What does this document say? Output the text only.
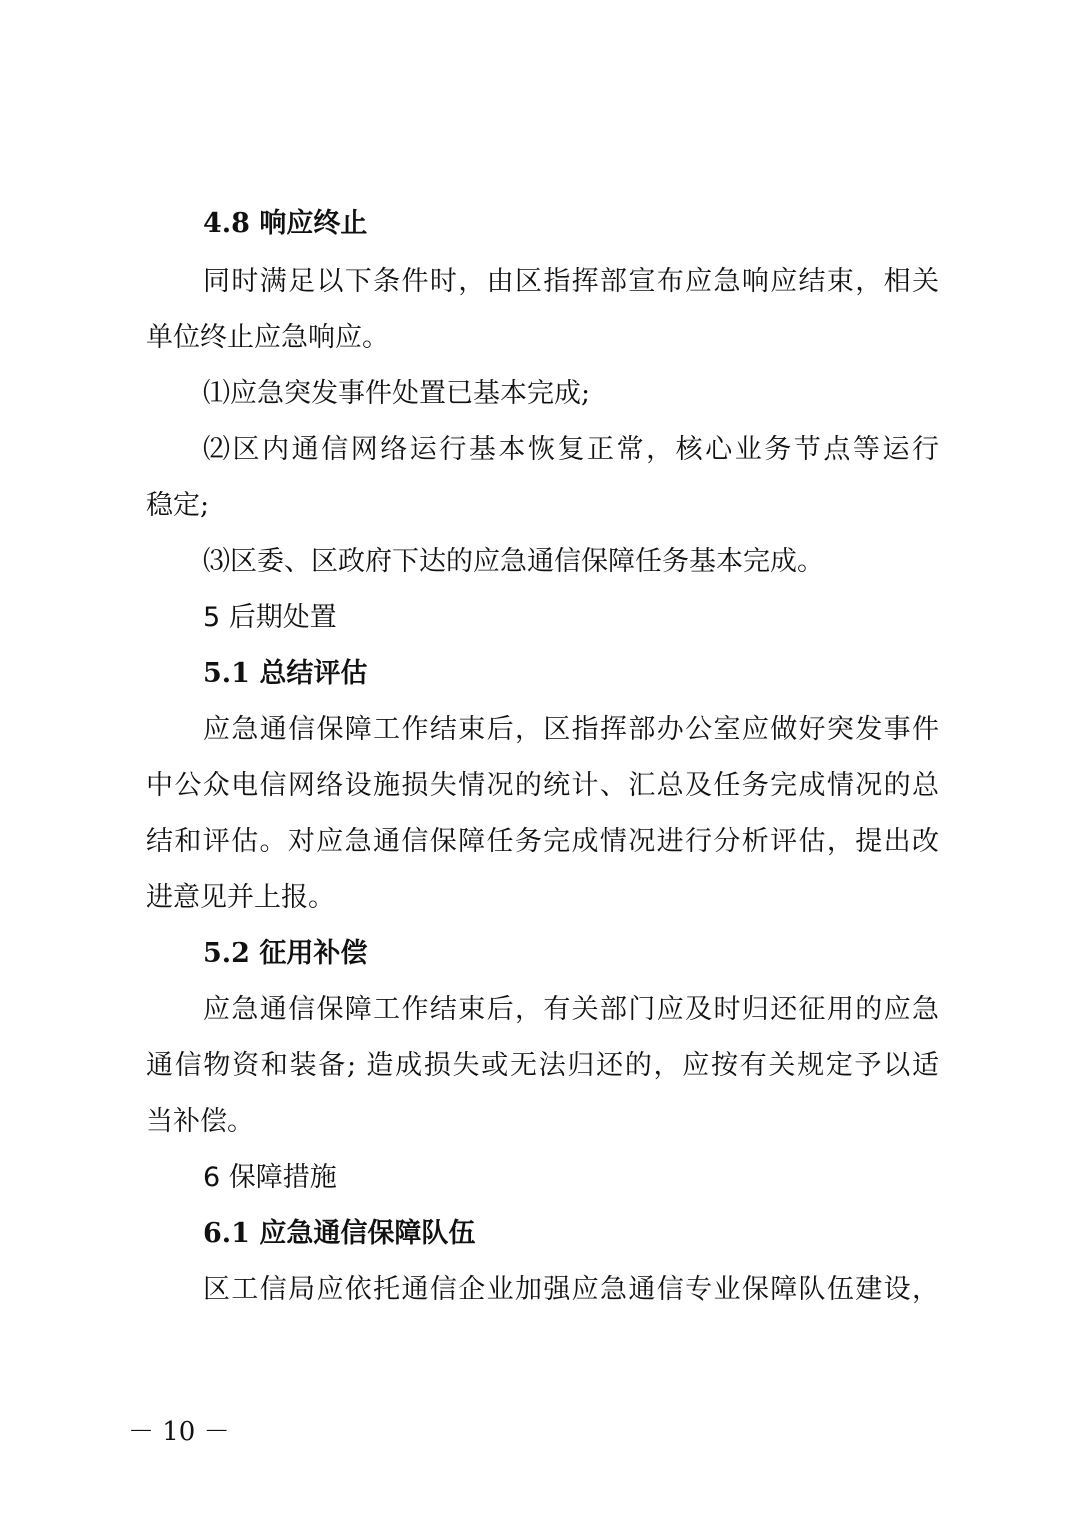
4.8 响应终止

同时满足以下条件时，由区指挥部宣布应急响应结束，相关

单位终止应急响应。

⑴应急突发事件处置已基本完成;

⑵区内通信网络运行基本恢复正常，核心业务节点等运行

稳定;

⑶区委、区政府下达的应急通信保障任务基本完成。

5 后期处置

5.1 总结评估

应急通信保障工作结束后，区指挥部办公室应做好突发事件

中公众电信网络设施损失情况的统计、汇总及任务完成情况的总

结和评估。对应急通信保障任务完成情况进行分析评估，提出改

进意见并上报。

5.2 征用补偿

应急通信保障工作结束后，有关部门应及时归还征用的应急

通信物资和装备; 造成损失或无法归还的，应按有关规定予以适

当补偿。

6 保障措施

6.1 应急通信保障队伍

区工信局应依托通信企业加强应急通信专业保障队伍建设，

－ 10 －
